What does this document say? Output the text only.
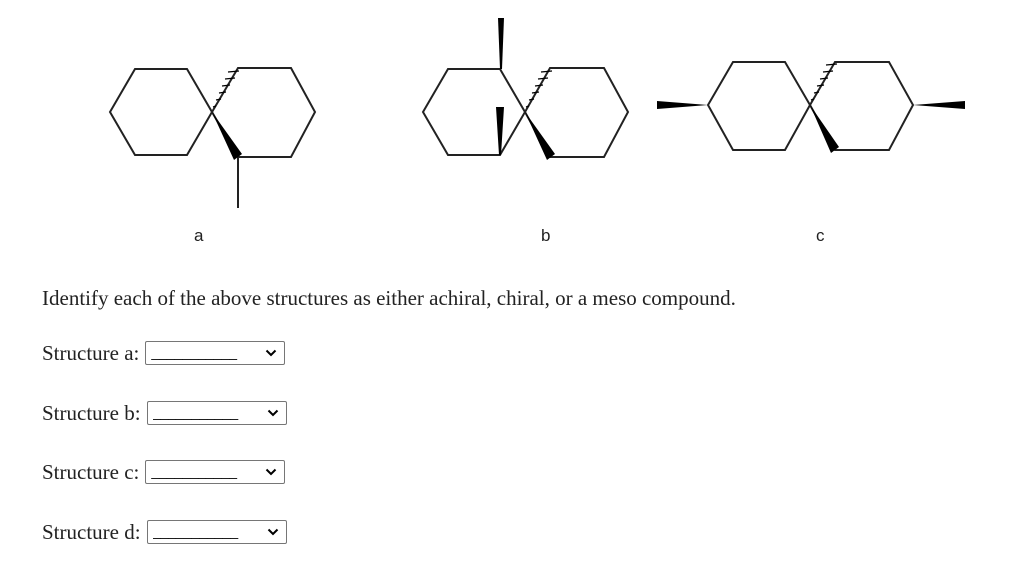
a	b	c
Identify each of the above structures as either achiral, chiral, or a meso compound.
Structure a: ___________
Structure b: ___________
Structure c: ___________
Structure d: ___________
